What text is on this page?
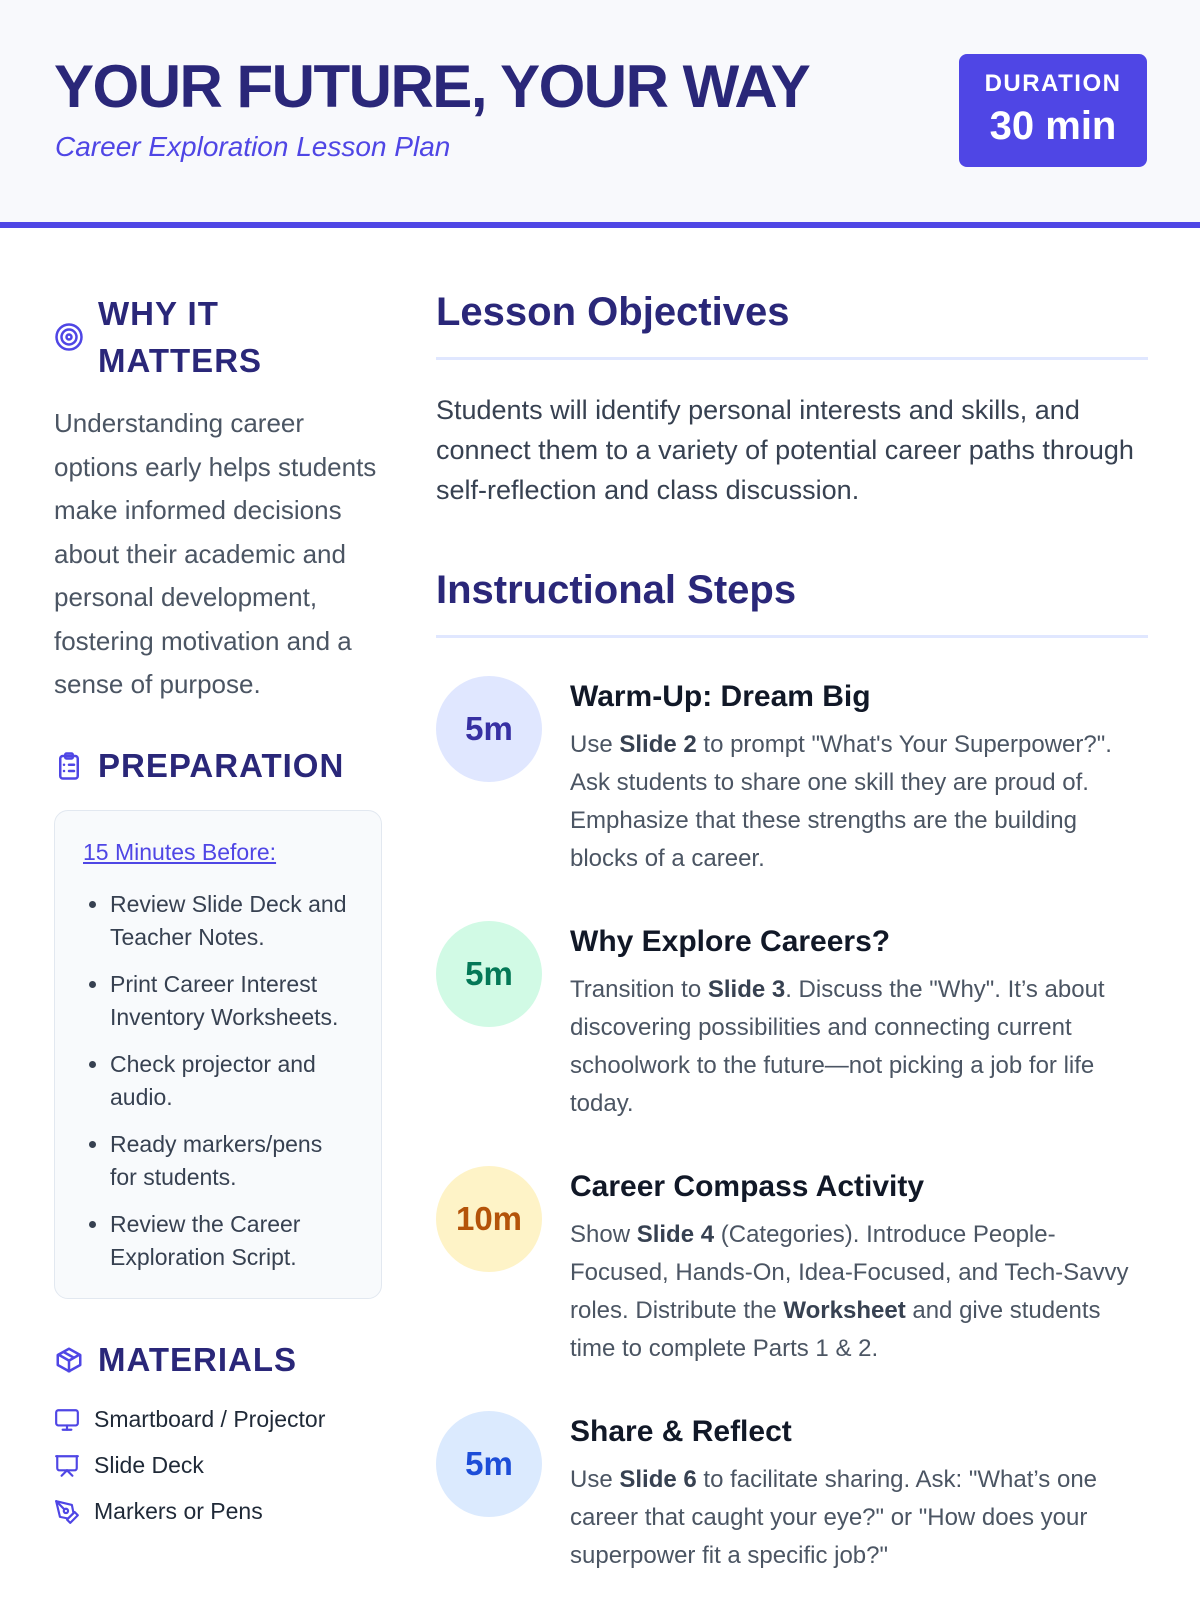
YOUR FUTURE, YOUR WAY
Career Exploration Lesson Plan
DURATION
30 min
WHY IT
MATTERS

Understanding career options early helps students make informed decisions about their academic and personal development, fostering motivation and a sense of purpose.

PREPARATION
15 Minutes Before:
• Review Slide Deck and Teacher Notes.
• Print Career Interest Inventory Worksheets.
• Check projector and audio.
• Ready markers/pens for students.
• Review the Career Exploration Script.
MATERIALS
Smartboard / Projector
Slide Deck
Markers or Pens
Lesson Objectives

Students will identify personal interests and skills, and connect them to a variety of potential career paths through self-reflection and class discussion.

Instructional Steps
5m
Warm-Up: Dream Big

Use Slide 2 to prompt "What's Your Superpower?". Ask students to share one skill they are proud of. Emphasize that these strengths are the building blocks of a career.

5m
Why Explore Careers?

Transition to Slide 3. Discuss the "Why". It’s about discovering possibilities and connecting current schoolwork to the future—not picking a job for life today.

10m
Career Compass Activity

Show Slide 4 (Categories). Introduce People-Focused, Hands-On, Idea-Focused, and Tech-Savvy roles. Distribute the Worksheet and give students time to complete Parts 1 & 2.

5m
Share & Reflect

Use Slide 6 to facilitate sharing. Ask: "What’s one career that caught your eye?" or "How does your superpower fit a specific job?"
